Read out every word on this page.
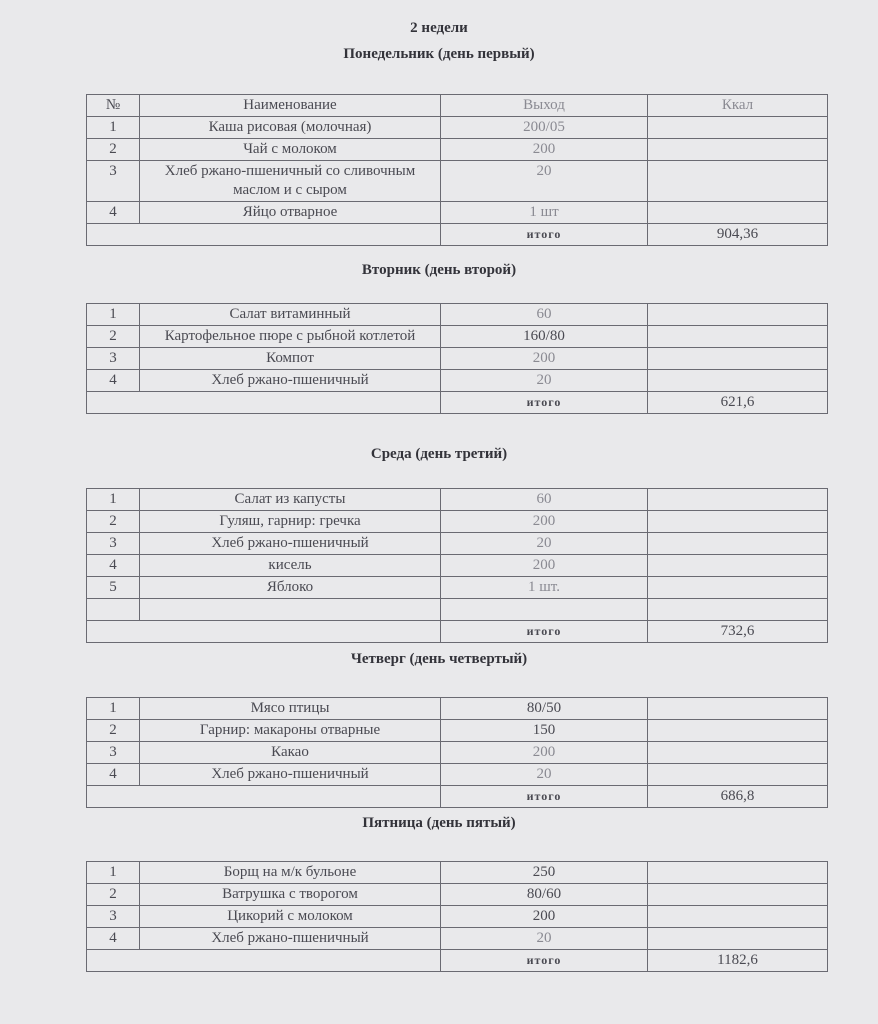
2 недели
Понедельник (день первый)
№	Наименование	Выход	Ккал
1	Каша рисовая (молочная)	200/05	
2	Чай с молоком	200	
3	Хлеб ржано-пшеничный со сливочным маслом и с сыром	20	
4	Яйцо отварное	1 шт	
		итого	904,36
Вторник (день второй)
1	Салат витаминный	60	
2	Картофельное пюре с рыбной котлетой	160/80	
3	Компот	200	
4	Хлеб ржано-пшеничный	20	
		итого	621,6
Среда (день третий)
1	Салат из капусты	60	
2	Гуляш, гарнир: гречка	200	
3	Хлеб ржано-пшеничный	20	
4	кисель	200	
5	Яблоко	1 шт.	

		итого	732,6
Четверг (день четвертый)
1	Мясо птицы	80/50	
2	Гарнир: макароны отварные	150	
3	Какао	200	
4	Хлеб ржано-пшеничный	20	
		итого	686,8
Пятница (день пятый)
1	Борщ на м/к бульоне	250	
2	Ватрушка с творогом	80/60	
3	Цикорий с молоком	200	
4	Хлеб ржано-пшеничный	20	
		итого	1182,6
